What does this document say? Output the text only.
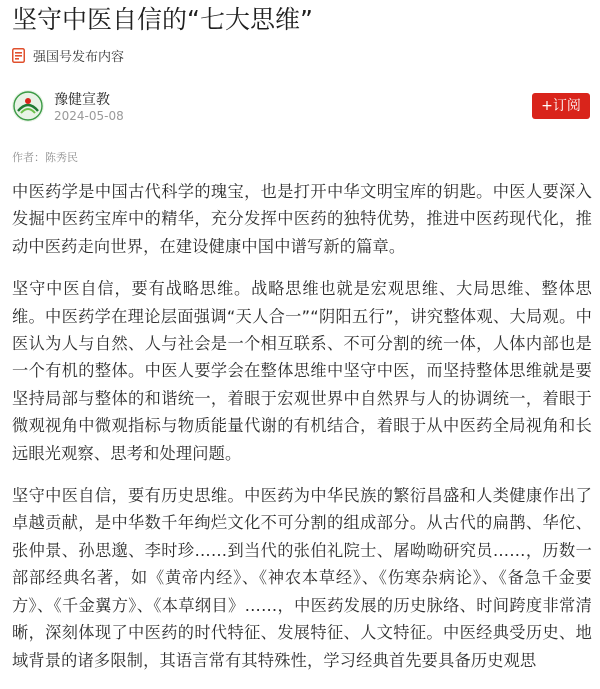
坚守中医自信的“七大思维”
强国号发布内容
豫健宣教
2024-05-08
+订阅
作者：陈秀民

中医药学是中国古代科学的瑰宝，也是打开中华文明宝库的钥匙。中医人要深入发掘中医药宝库中的精华，充分发挥中医药的独特优势，推进中医药现代化，推动中医药走向世界，在建设健康中国中谱写新的篇章。

坚守中医自信，要有战略思维。战略思维也就是宏观思维、大局思维、整体思维。中医药学在理论层面强调“天人合一”“阴阳五行”，讲究整体观、大局观。中医认为人与自然、人与社会是一个相互联系、不可分割的统一体，人体内部也是一个有机的整体。中医人要学会在整体思维中坚守中医，而坚持整体思维就是要坚持局部与整体的和谐统一，着眼于宏观世界中自然界与人的协调统一，着眼于微观视角中微观指标与物质能量代谢的有机结合，着眼于从中医药全局视角和长远眼光观察、思考和处理问题。

坚守中医自信，要有历史思维。中医药为中华民族的繁衍昌盛和人类健康作出了卓越贡献，是中华数千年绚烂文化不可分割的组成部分。从古代的扁鹊、华佗、张仲景、孙思邈、李时珍……到当代的张伯礼院士、屠呦呦研究员……，历数一部部经典名著，如《黄帝内经》、《神农本草经》、《伤寒杂病论》、《备急千金要方》、《千金翼方》、《本草纲目》……，中医药发展的历史脉络、时间跨度非常清晰，深刻体现了中医药的时代特征、发展特征、人文特征。中医经典受历史、地域背景的诸多限制，其语言常有其特殊性，学习经典首先要具备历史观思
